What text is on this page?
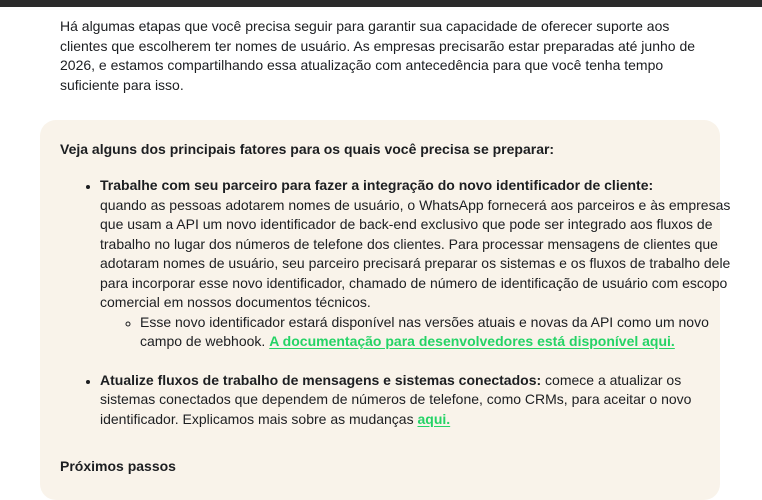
Há algumas etapas que você precisa seguir para garantir sua capacidade de oferecer suporte aos clientes que escolherem ter nomes de usuário. As empresas precisarão estar preparadas até junho de 2026, e estamos compartilhando essa atualização com antecedência para que você tenha tempo suficiente para isso.

Veja alguns dos principais fatores para os quais você precisa se preparar:

• Trabalhe com seu parceiro para fazer a integração do novo identificador de cliente:
quando as pessoas adotarem nomes de usuário, o WhatsApp fornecerá aos parceiros e às empresas que usam a API um novo identificador de back-end exclusivo que pode ser integrado aos fluxos de trabalho no lugar dos números de telefone dos clientes. Para processar mensagens de clientes que adotaram nomes de usuário, seu parceiro precisará preparar os sistemas e os fluxos de trabalho dele para incorporar esse novo identificador, chamado de número de identificação de usuário com escopo comercial em nossos documentos técnicos.
◦ Esse novo identificador estará disponível nas versões atuais e novas da API como um novo campo de webhook. A documentação para desenvolvedores está disponível aqui.
• Atualize fluxos de trabalho de mensagens e sistemas conectados: comece a atualizar os sistemas conectados que dependem de números de telefone, como CRMs, para aceitar o novo identificador. Explicamos mais sobre as mudanças aqui.

Próximos passos
